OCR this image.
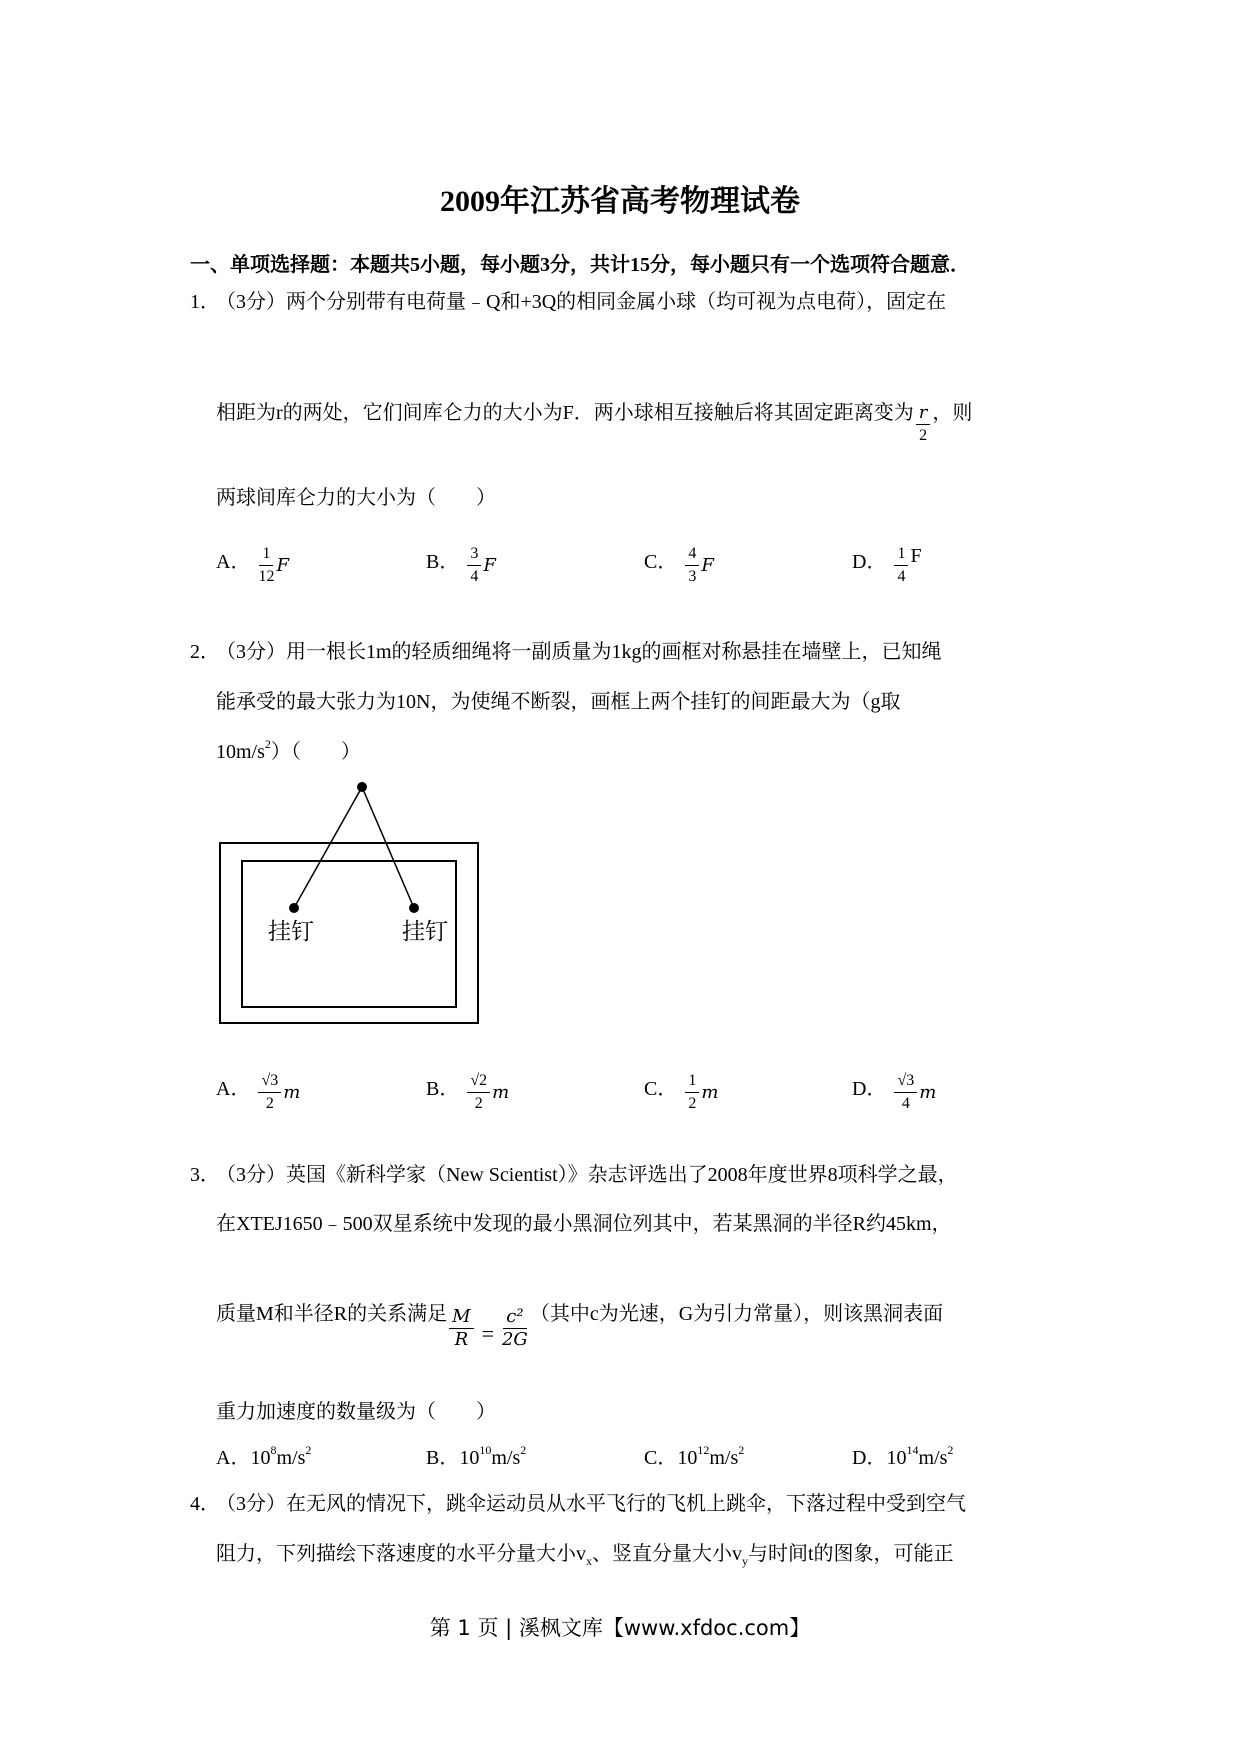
2009年江苏省高考物理试卷
一、单项选择题：本题共5小题，每小题3分，共计15分，每小题只有一个选项符合题意．
1．
（3分）两个分别带有电荷量﹣Q和+3Q的相同金属小球（均可视为点电荷），固定在
相距为r的两处，它们间库仑力的大小为F．两小球相互接触后将其固定距离变为 $\frac{r}{2}$ ，则
两球间库仑力的大小为（　　）
A． $\frac{1}{12}$ F	B． $\frac{3}{4}$ F	C． $\frac{4}{3}$ F	D． $\frac{1}{4}$ F
2．
（3分）用一根长1m的轻质细绳将一副质量为1kg的画框对称悬挂在墙壁上，已知绳
能承受的最大张力为10N，为使绳不断裂，画框上两个挂钉的间距最大为（g取
$10m/s^2$）（　　）
挂钉	挂钉
A． $\frac{√3}{2}$ m	B． $\frac{√2}{2}$ m	C． $\frac{1}{2}$ m	D． $\frac{√3}{4}$ m
3．
（3分）英国《新科学家（New Scientist）》杂志评选出了2008年度世界8项科学之最，
在XTEJ1650﹣500双星系统中发现的最小黑洞位列其中，若某黑洞的半径R约45km，
质量M和半径R的关系满足 $\frac{M}{R} = \frac{\text{c²}}{2G}$ （其中c为光速，G为引力常量），则该黑洞表面
重力加速度的数量级为（　　）
A．$10^8m/s^2$	B．$10^{10}m/s^2$	C．$10^{12}m/s^2$	D．$10^{14}m/s^2$
4．
（3分）在无风的情况下，跳伞运动员从水平飞行的飞机上跳伞，下落过程中受到空气
阻力，下列描绘下落速度的水平分量大小$v_x$、竖直分量大小$v_y$与时间t的图象，可能正
第 1 页 | 溪枫文库【www.xfdoc.com】
